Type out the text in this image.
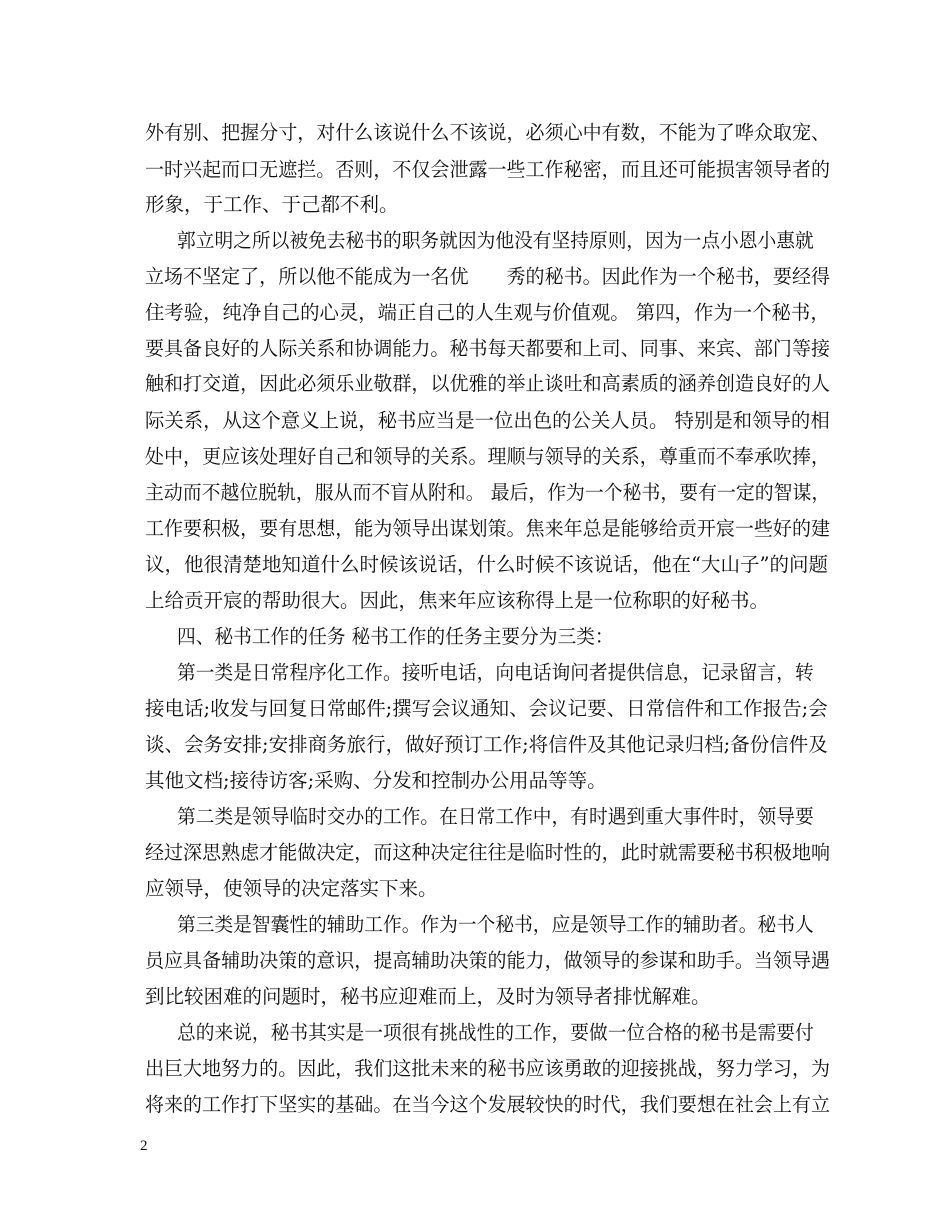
外有别、把握分寸，对什么该说什么不该说，必须心中有数，不能为了哗众取宠、
一时兴起而口无遮拦。否则，不仅会泄露一些工作秘密，而且还可能损害领导者的
形象，于工作、于己都不利。
郭立明之所以被免去秘书的职务就因为他没有坚持原则，因为一点小恩小惠就
立场不坚定了，所以他不能成为一名优　　秀的秘书。因此作为一个秘书，要经得
住考验，纯净自己的心灵，端正自己的人生观与价值观。 第四，作为一个秘书，
要具备良好的人际关系和协调能力。秘书每天都要和上司、同事、来宾、部门等接
触和打交道，因此必须乐业敬群，以优雅的举止谈吐和高素质的涵养创造良好的人
际关系，从这个意义上说，秘书应当是一位出色的公关人员。 特别是和领导的相
处中，更应该处理好自己和领导的关系。理顺与领导的关系，尊重而不奉承吹捧，
主动而不越位脱轨，服从而不盲从附和。 最后，作为一个秘书，要有一定的智谋，
工作要积极，要有思想，能为领导出谋划策。焦来年总是能够给贡开宸一些好的建
议，他很清楚地知道什么时候该说话，什么时候不该说话，他在“大山子”的问题
上给贡开宸的帮助很大。因此，焦来年应该称得上是一位称职的好秘书。
四、秘书工作的任务 秘书工作的任务主要分为三类：
第一类是日常程序化工作。接听电话，向电话询问者提供信息，记录留言，转
接电话;收发与回复日常邮件;撰写会议通知、会议记要、日常信件和工作报告;会
谈、会务安排;安排商务旅行，做好预订工作;将信件及其他记录归档;备份信件及
其他文档;接待访客;采购、分发和控制办公用品等等。
第二类是领导临时交办的工作。在日常工作中，有时遇到重大事件时，领导要
经过深思熟虑才能做决定，而这种决定往往是临时性的，此时就需要秘书积极地响
应领导，使领导的决定落实下来。
第三类是智囊性的辅助工作。作为一个秘书，应是领导工作的辅助者。秘书人
员应具备辅助决策的意识，提高辅助决策的能力，做领导的参谋和助手。当领导遇
到比较困难的问题时，秘书应迎难而上，及时为领导者排忧解难。
总的来说，秘书其实是一项很有挑战性的工作，要做一位合格的秘书是需要付
出巨大地努力的。因此，我们这批未来的秘书应该勇敢的迎接挑战，努力学习，为
将来的工作打下坚实的基础。在当今这个发展较快的时代，我们要想在社会上有立
2
